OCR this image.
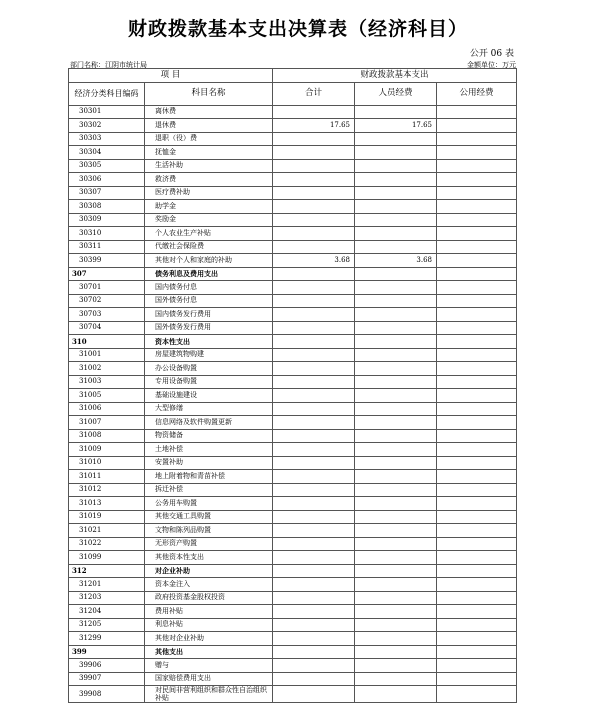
财政拨款基本支出决算表（经济科目）
公开 06 表
部门名称：江阴市统计局	金额单位：万元
项 目		财政拨款基本支出		
经济分类科目编码	科目名称	合计	人员经费	公用经费
30301	离休费			
30302	退休费	17.65	17.65	
30303	退职（役）费			
30304	抚恤金			
30305	生活补助			
30306	救济费			
30307	医疗费补助			
30308	助学金			
30309	奖励金			
30310	个人农业生产补贴			
30311	代缴社会保险费			
30399	其他对个人和家庭的补助	3.68	3.68	
307	债务利息及费用支出			
30701	国内债务付息			
30702	国外债务付息			
30703	国内债务发行费用			
30704	国外债务发行费用			
310	资本性支出			
31001	房屋建筑物购建			
31002	办公设备购置			
31003	专用设备购置			
31005	基础设施建设			
31006	大型修缮			
31007	信息网络及软件购置更新			
31008	物资储备			
31009	土地补偿			
31010	安置补助			
31011	地上附着物和青苗补偿			
31012	拆迁补偿			
31013	公务用车购置			
31019	其他交通工具购置			
31021	文物和陈列品购置			
31022	无形资产购置			
31099	其他资本性支出			
312	对企业补助			
31201	资本金注入			
31203	政府投资基金股权投资			
31204	费用补贴			
31205	利息补贴			
31299	其他对企业补助			
399	其他支出			
39906	赠与			
39907	国家赔偿费用支出			
39908	对民间非营利组织和群众性自治组织补贴			
